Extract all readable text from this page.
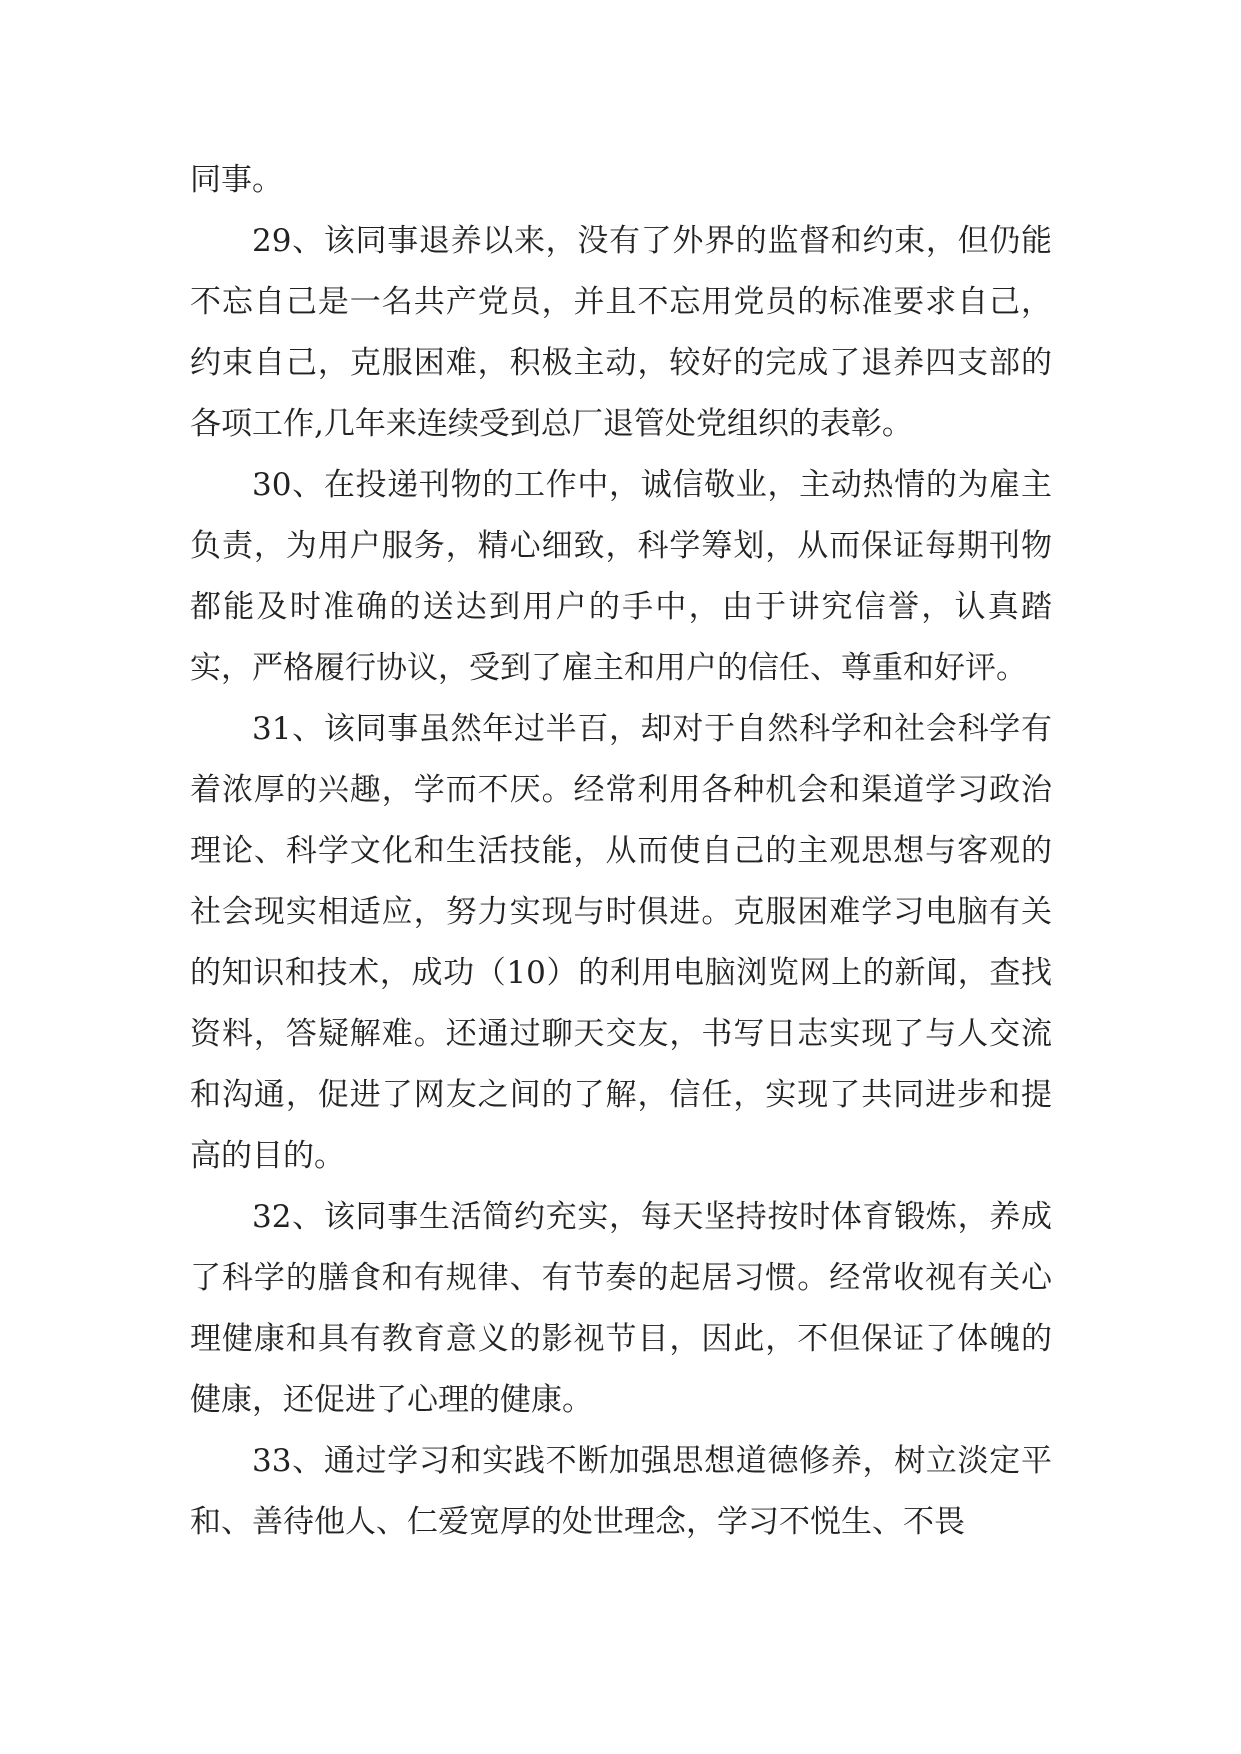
同事。

29、该同事退养以来，没有了外界的监督和约束，但仍能不忘自己是一名共产党员，并且不忘用党员的标准要求自己，约束自己，克服困难，积极主动，较好的完成了退养四支部的各项工作,几年来连续受到总厂退管处党组织的表彰。

30、在投递刊物的工作中，诚信敬业，主动热情的为雇主负责，为用户服务，精心细致，科学筹划，从而保证每期刊物都能及时准确的送达到用户的手中，由于讲究信誉，认真踏实，严格履行协议，受到了雇主和用户的信任、尊重和好评。

31、该同事虽然年过半百，却对于自然科学和社会科学有着浓厚的兴趣，学而不厌。经常利用各种机会和渠道学习政治理论、科学文化和生活技能，从而使自己的主观思想与客观的社会现实相适应，努力实现与时俱进。克服困难学习电脑有关的知识和技术，成功（10）的利用电脑浏览网上的新闻，查找资料，答疑解难。还通过聊天交友，书写日志实现了与人交流和沟通，促进了网友之间的了解，信任，实现了共同进步和提高的目的。

32、该同事生活简约充实，每天坚持按时体育锻炼，养成了科学的膳食和有规律、有节奏的起居习惯。经常收视有关心理健康和具有教育意义的影视节目，因此，不但保证了体魄的健康，还促进了心理的健康。

33、通过学习和实践不断加强思想道德修养，树立淡定平和、善待他人、仁爱宽厚的处世理念，学习不悦生、不畏
